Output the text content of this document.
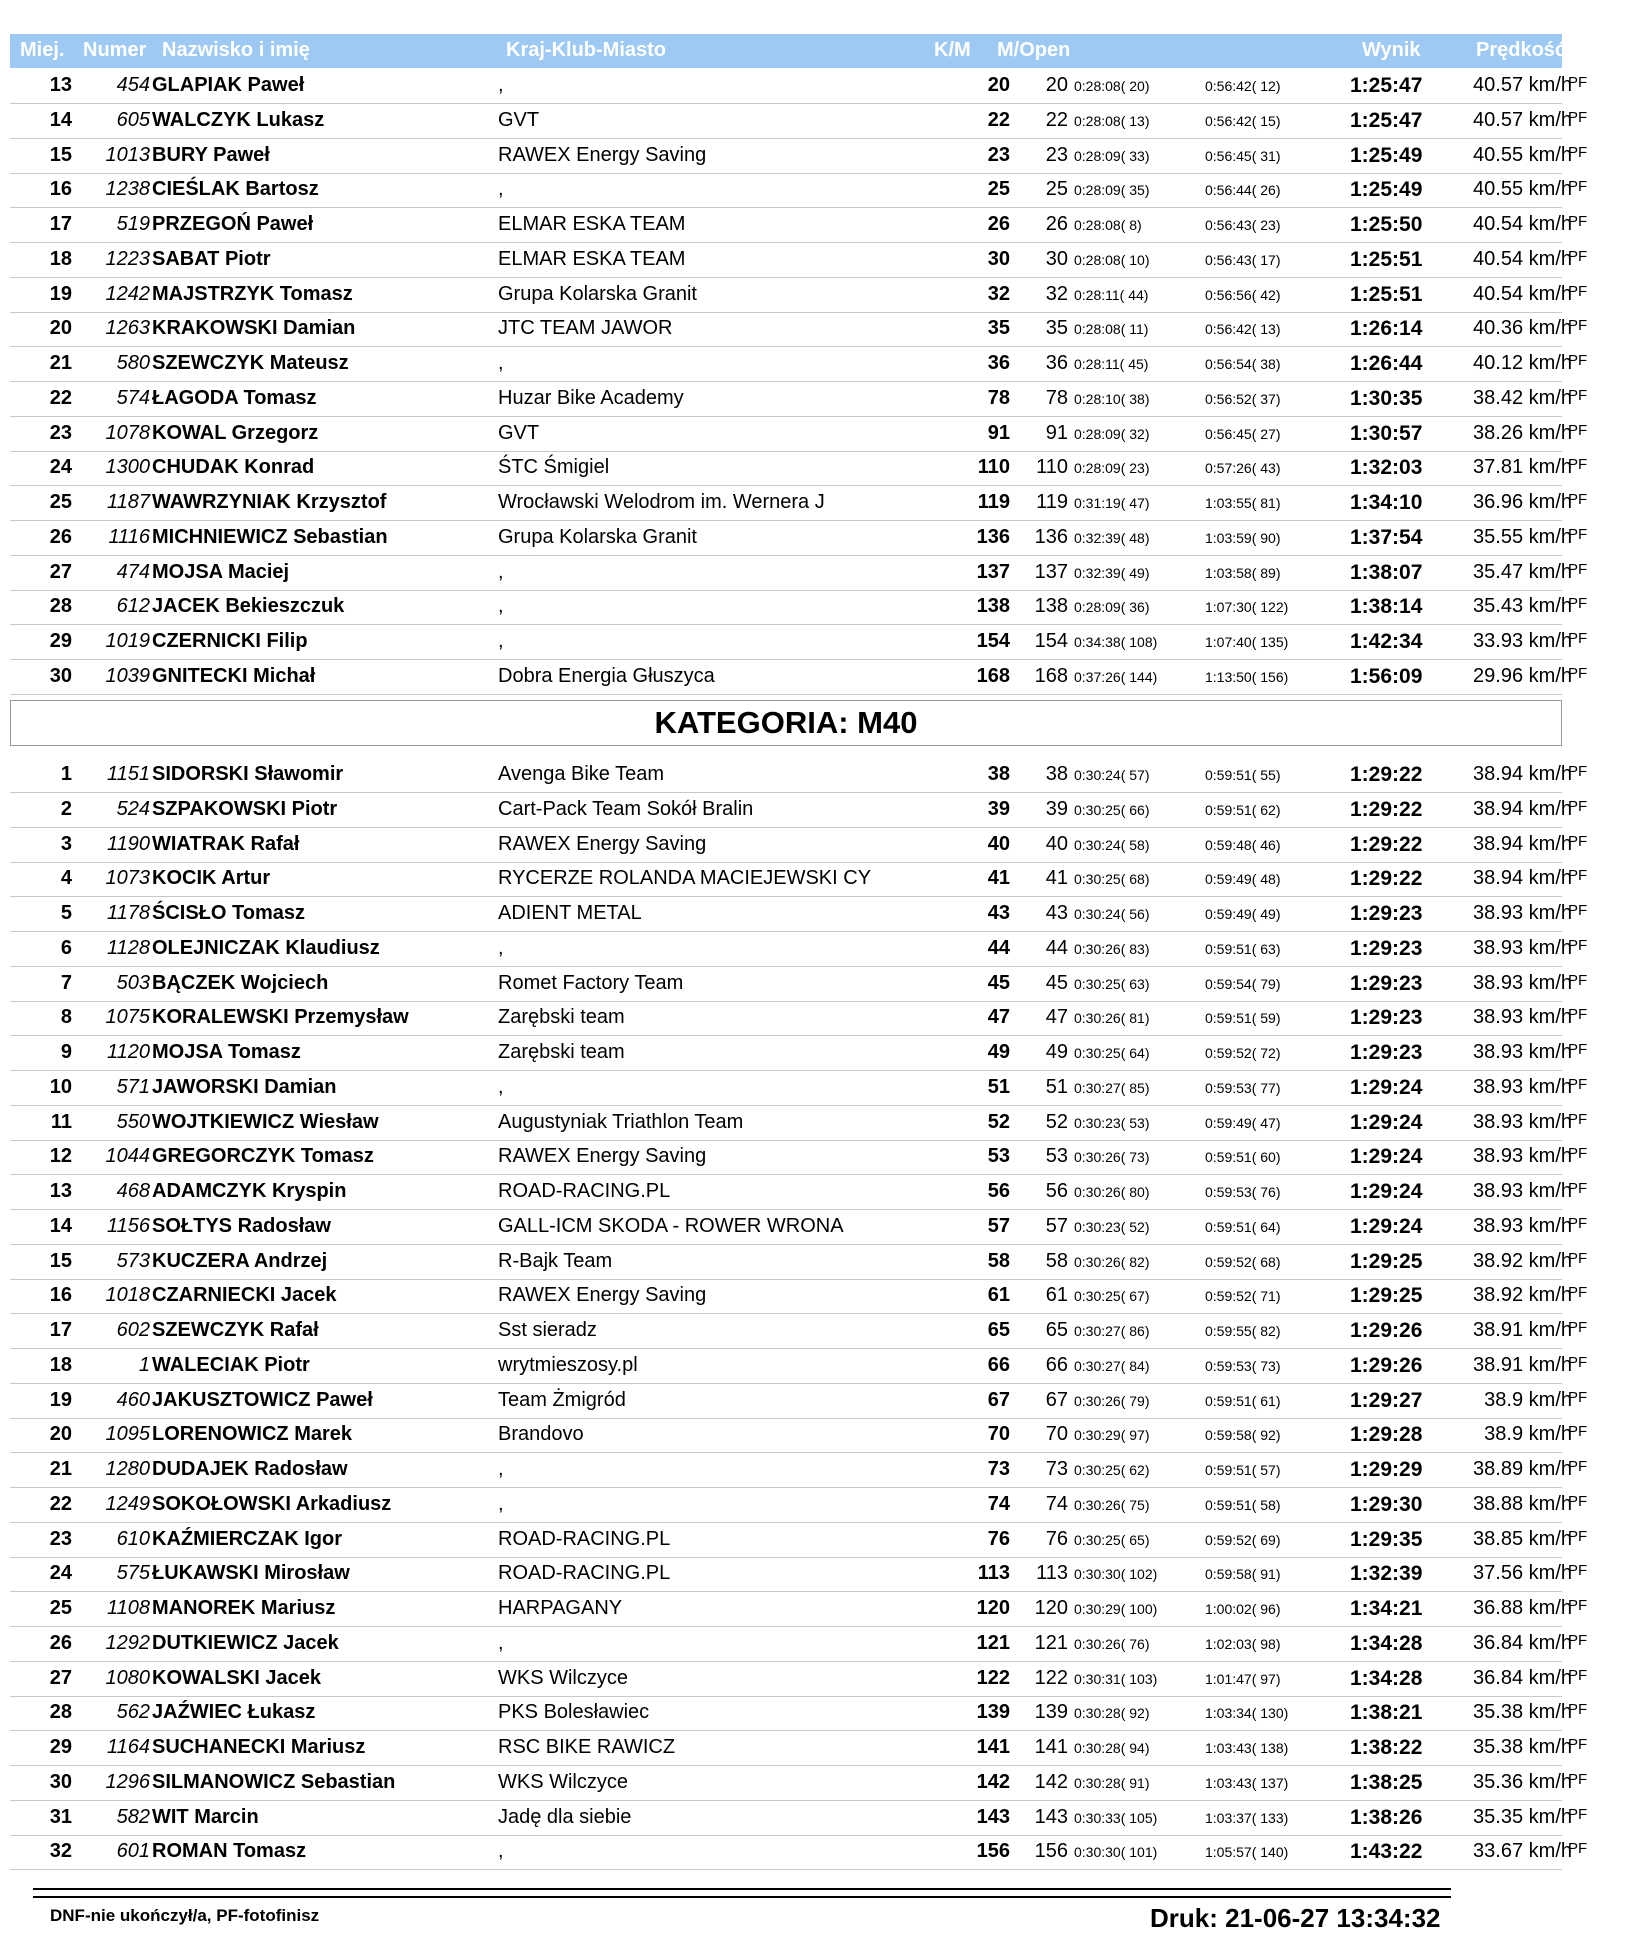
Miej. Numer Nazwisko i imię	Kraj-Klub-Miasto	K/M M/Open	Wynik	Prędkość
13	454 GLAPIAK Paweł	,	20	20 0:28:08( 20)	0:56:42( 12)	1:25:47	40.57 km/h
PF
14	605 WALCZYK Lukasz	GVT	22	22 0:28:08( 13)	0:56:42( 15)	1:25:47	40.57 km/h
PF
15	1013 BURY Paweł	RAWEX Energy Saving	23	23 0:28:09( 33)	0:56:45( 31)	1:25:49	40.55 km/h
PF
16	1238 CIEŚLAK Bartosz	,	25	25 0:28:09( 35)	0:56:44( 26)	1:25:49	40.55 km/h
PF
17	519 PRZEGOŃ Paweł	ELMAR ESKA TEAM	26	26 0:28:08( 8)	0:56:43( 23)	1:25:50	40.54 km/h
PF
18	1223 SABAT Piotr	ELMAR ESKA TEAM	30	30 0:28:08( 10)	0:56:43( 17)	1:25:51	40.54 km/h
PF
19	1242 MAJSTRZYK Tomasz	Grupa Kolarska Granit	32	32 0:28:11( 44)	0:56:56( 42)	1:25:51	40.54 km/h
PF
20	1263 KRAKOWSKI Damian	JTC TEAM JAWOR	35	35 0:28:08( 11)	0:56:42( 13)	1:26:14	40.36 km/h
PF
21	580 SZEWCZYK Mateusz	,	36	36 0:28:11( 45)	0:56:54( 38)	1:26:44	40.12 km/h
PF
22	574 ŁAGODA Tomasz	Huzar Bike Academy	78	78 0:28:10( 38)	0:56:52( 37)	1:30:35	38.42 km/h
PF
23	1078 KOWAL Grzegorz	GVT	91	91 0:28:09( 32)	0:56:45( 27)	1:30:57	38.26 km/h
PF
24	1300 CHUDAK Konrad	ŚTC Śmigiel	110	110 0:28:09( 23)	0:57:26( 43)	1:32:03	37.81 km/h
PF
25	1187 WAWRZYNIAK Krzysztof	Wrocławski Welodrom im. Wernera J	119	119 0:31:19( 47)	1:03:55( 81)	1:34:10	36.96 km/h
PF
26	1116 MICHNIEWICZ Sebastian	Grupa Kolarska Granit	136	136 0:32:39( 48)	1:03:59( 90)	1:37:54	35.55 km/h
PF
27	474 MOJSA Maciej	,	137	137 0:32:39( 49)	1:03:58( 89)	1:38:07	35.47 km/h
PF
28	612 JACEK Bekieszczuk	,	138	138 0:28:09( 36)	1:07:30( 122)	1:38:14	35.43 km/h
PF
29	1019 CZERNICKI Filip	,	154	154 0:34:38( 108)	1:07:40( 135)	1:42:34	33.93 km/h
PF
30	1039 GNITECKI Michał	Dobra Energia Głuszyca	168	168 0:37:26( 144)	1:13:50( 156)	1:56:09	29.96 km/h
PF
KATEGORIA: M40
1	1151 SIDORSKI Sławomir	Avenga Bike Team	38	38 0:30:24( 57)	0:59:51( 55)	1:29:22	38.94 km/h
PF
2	524 SZPAKOWSKI Piotr	Cart-Pack Team Sokół Bralin	39	39 0:30:25( 66)	0:59:51( 62)	1:29:22	38.94 km/h
PF
3	1190 WIATRAK Rafał	RAWEX Energy Saving	40	40 0:30:24( 58)	0:59:48( 46)	1:29:22	38.94 km/h
PF
4	1073 KOCIK Artur	RYCERZE ROLANDA MACIEJEWSKI CY	41	41 0:30:25( 68)	0:59:49( 48)	1:29:22	38.94 km/h
PF
5	1178 ŚCISŁO Tomasz	ADIENT METAL	43	43 0:30:24( 56)	0:59:49( 49)	1:29:23	38.93 km/h
PF
6	1128 OLEJNICZAK Klaudiusz	,	44	44 0:30:26( 83)	0:59:51( 63)	1:29:23	38.93 km/h
PF
7	503 BĄCZEK Wojciech	Romet Factory Team	45	45 0:30:25( 63)	0:59:54( 79)	1:29:23	38.93 km/h
PF
8	1075 KORALEWSKI Przemysław	Zarębski team	47	47 0:30:26( 81)	0:59:51( 59)	1:29:23	38.93 km/h
PF
9	1120 MOJSA Tomasz	Zarębski team	49	49 0:30:25( 64)	0:59:52( 72)	1:29:23	38.93 km/h
PF
10	571 JAWORSKI Damian	,	51	51 0:30:27( 85)	0:59:53( 77)	1:29:24	38.93 km/h
PF
11	550 WOJTKIEWICZ Wiesław	Augustyniak Triathlon Team	52	52 0:30:23( 53)	0:59:49( 47)	1:29:24	38.93 km/h
PF
12	1044 GREGORCZYK Tomasz	RAWEX Energy Saving	53	53 0:30:26( 73)	0:59:51( 60)	1:29:24	38.93 km/h
PF
13	468 ADAMCZYK Kryspin	ROAD-RACING.PL	56	56 0:30:26( 80)	0:59:53( 76)	1:29:24	38.93 km/h
PF
14	1156 SOŁTYS Radosław	GALL-ICM SKODA - ROWER WRONA	57	57 0:30:23( 52)	0:59:51( 64)	1:29:24	38.93 km/h
PF
15	573 KUCZERA Andrzej	R-Bajk Team	58	58 0:30:26( 82)	0:59:52( 68)	1:29:25	38.92 km/h
PF
16	1018 CZARNIECKI Jacek	RAWEX Energy Saving	61	61 0:30:25( 67)	0:59:52( 71)	1:29:25	38.92 km/h
PF
17	602 SZEWCZYK Rafał	Sst sieradz	65	65 0:30:27( 86)	0:59:55( 82)	1:29:26	38.91 km/h
PF
18	1 WALECIAK Piotr	wrytmieszosy.pl	66	66 0:30:27( 84)	0:59:53( 73)	1:29:26	38.91 km/h
PF
19	460 JAKUSZTOWICZ Paweł	Team Żmigród	67	67 0:30:26( 79)	0:59:51( 61)	1:29:27	38.9 km/h
PF
20	1095 LORENOWICZ Marek	Brandovo	70	70 0:30:29( 97)	0:59:58( 92)	1:29:28	38.9 km/h
PF
21	1280 DUDAJEK Radosław	,	73	73 0:30:25( 62)	0:59:51( 57)	1:29:29	38.89 km/h
PF
22	1249 SOKOŁOWSKI Arkadiusz	,	74	74 0:30:26( 75)	0:59:51( 58)	1:29:30	38.88 km/h
PF
23	610 KAŹMIERCZAK Igor	ROAD-RACING.PL	76	76 0:30:25( 65)	0:59:52( 69)	1:29:35	38.85 km/h
PF
24	575 ŁUKAWSKI Mirosław	ROAD-RACING.PL	113	113 0:30:30( 102)	0:59:58( 91)	1:32:39	37.56 km/h
PF
25	1108 MANOREK Mariusz	HARPAGANY	120	120 0:30:29( 100)	1:00:02( 96)	1:34:21	36.88 km/h
PF
26	1292 DUTKIEWICZ Jacek	,	121	121 0:30:26( 76)	1:02:03( 98)	1:34:28	36.84 km/h
PF
27	1080 KOWALSKI Jacek	WKS Wilczyce	122	122 0:30:31( 103)	1:01:47( 97)	1:34:28	36.84 km/h
PF
28	562 JAŹWIEC Łukasz	PKS Bolesławiec	139	139 0:30:28( 92)	1:03:34( 130)	1:38:21	35.38 km/h
PF
29	1164 SUCHANECKI Mariusz	RSC BIKE RAWICZ	141	141 0:30:28( 94)	1:03:43( 138)	1:38:22	35.38 km/h
PF
30	1296 SILMANOWICZ Sebastian	WKS Wilczyce	142	142 0:30:28( 91)	1:03:43( 137)	1:38:25	35.36 km/h
PF
31	582 WIT Marcin	Jadę dla siebie	143	143 0:30:33( 105)	1:03:37( 133)	1:38:26	35.35 km/h
PF
32	601 ROMAN Tomasz	,	156	156 0:30:30( 101)	1:05:57( 140)	1:43:22	33.67 km/h
PF
DNF-nie ukończył/a, PF-fotofinisz	Druk: 21-06-27 13:34:32
